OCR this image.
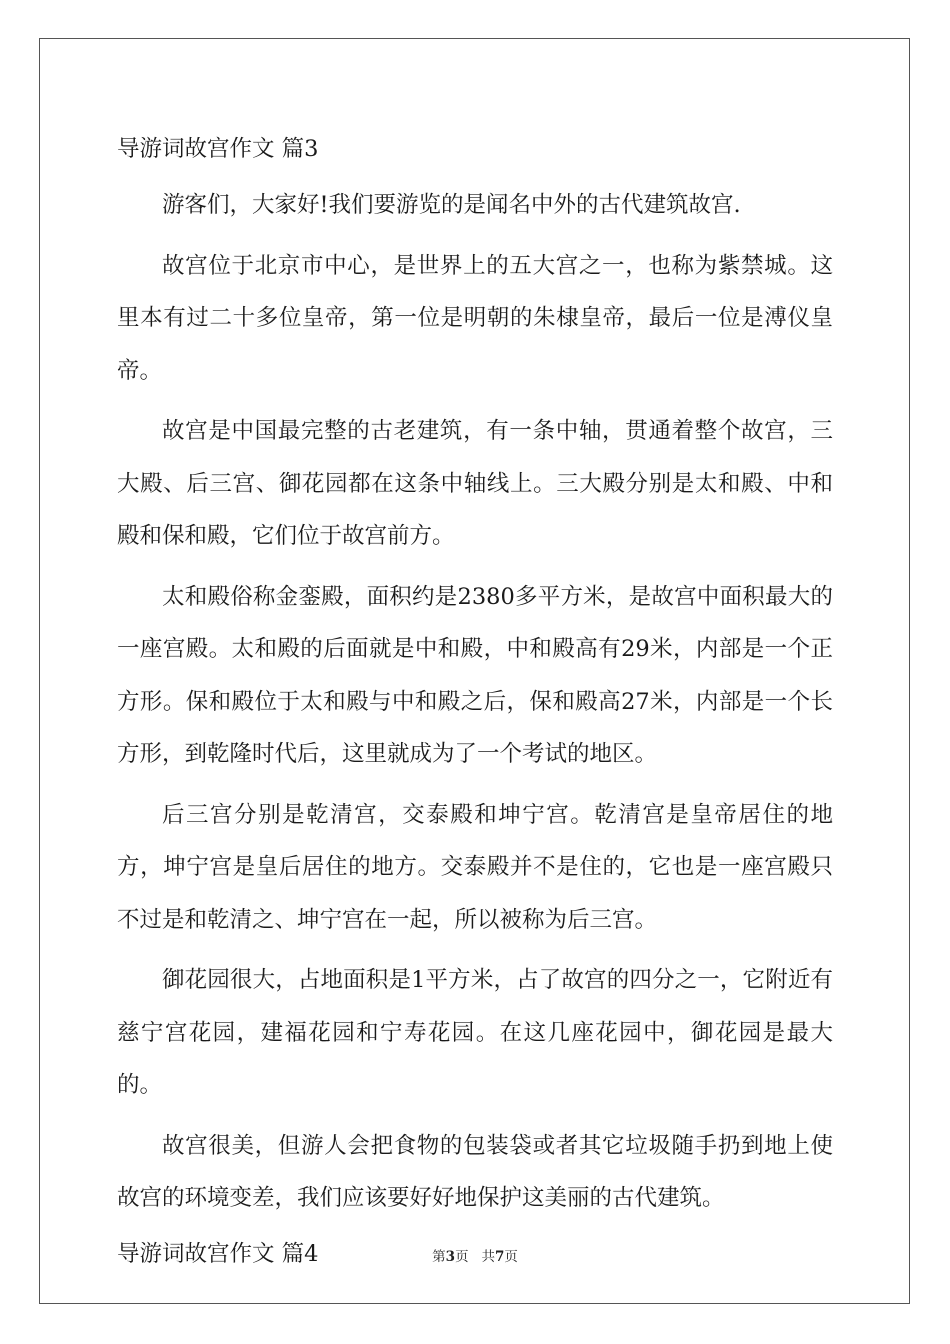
导游词故宫作文 篇3

游客们，大家好!我们要游览的是闻名中外的古代建筑故宫.

故宫位于北京市中心，是世界上的五大宫之一，也称为紫禁城。这里本有过二十多位皇帝，第一位是明朝的朱棣皇帝，最后一位是溥仪皇帝。

故宫是中国最完整的古老建筑，有一条中轴，贯通着整个故宫，三大殿、后三宫、御花园都在这条中轴线上。三大殿分别是太和殿、中和殿和保和殿，它们位于故宫前方。

太和殿俗称金銮殿，面积约是2380多平方米，是故宫中面积最大的一座宫殿。太和殿的后面就是中和殿，中和殿高有29米，内部是一个正方形。保和殿位于太和殿与中和殿之后，保和殿高27米，内部是一个长方形，到乾隆时代后，这里就成为了一个考试的地区。

后三宫分别是乾清宫，交泰殿和坤宁宫。乾清宫是皇帝居住的地方，坤宁宫是皇后居住的地方。交泰殿并不是住的，它也是一座宫殿只不过是和乾清之、坤宁宫在一起，所以被称为后三宫。

御花园很大，占地面积是1平方米，占了故宫的四分之一，它附近有慈宁宫花园，建福花园和宁寿花园。在这几座花园中，御花园是最大的。

故宫很美，但游人会把食物的包装袋或者其它垃圾随手扔到地上使故宫的环境变差，我们应该要好好地保护这美丽的古代建筑。

导游词故宫作文 篇4	第3页 共7页
